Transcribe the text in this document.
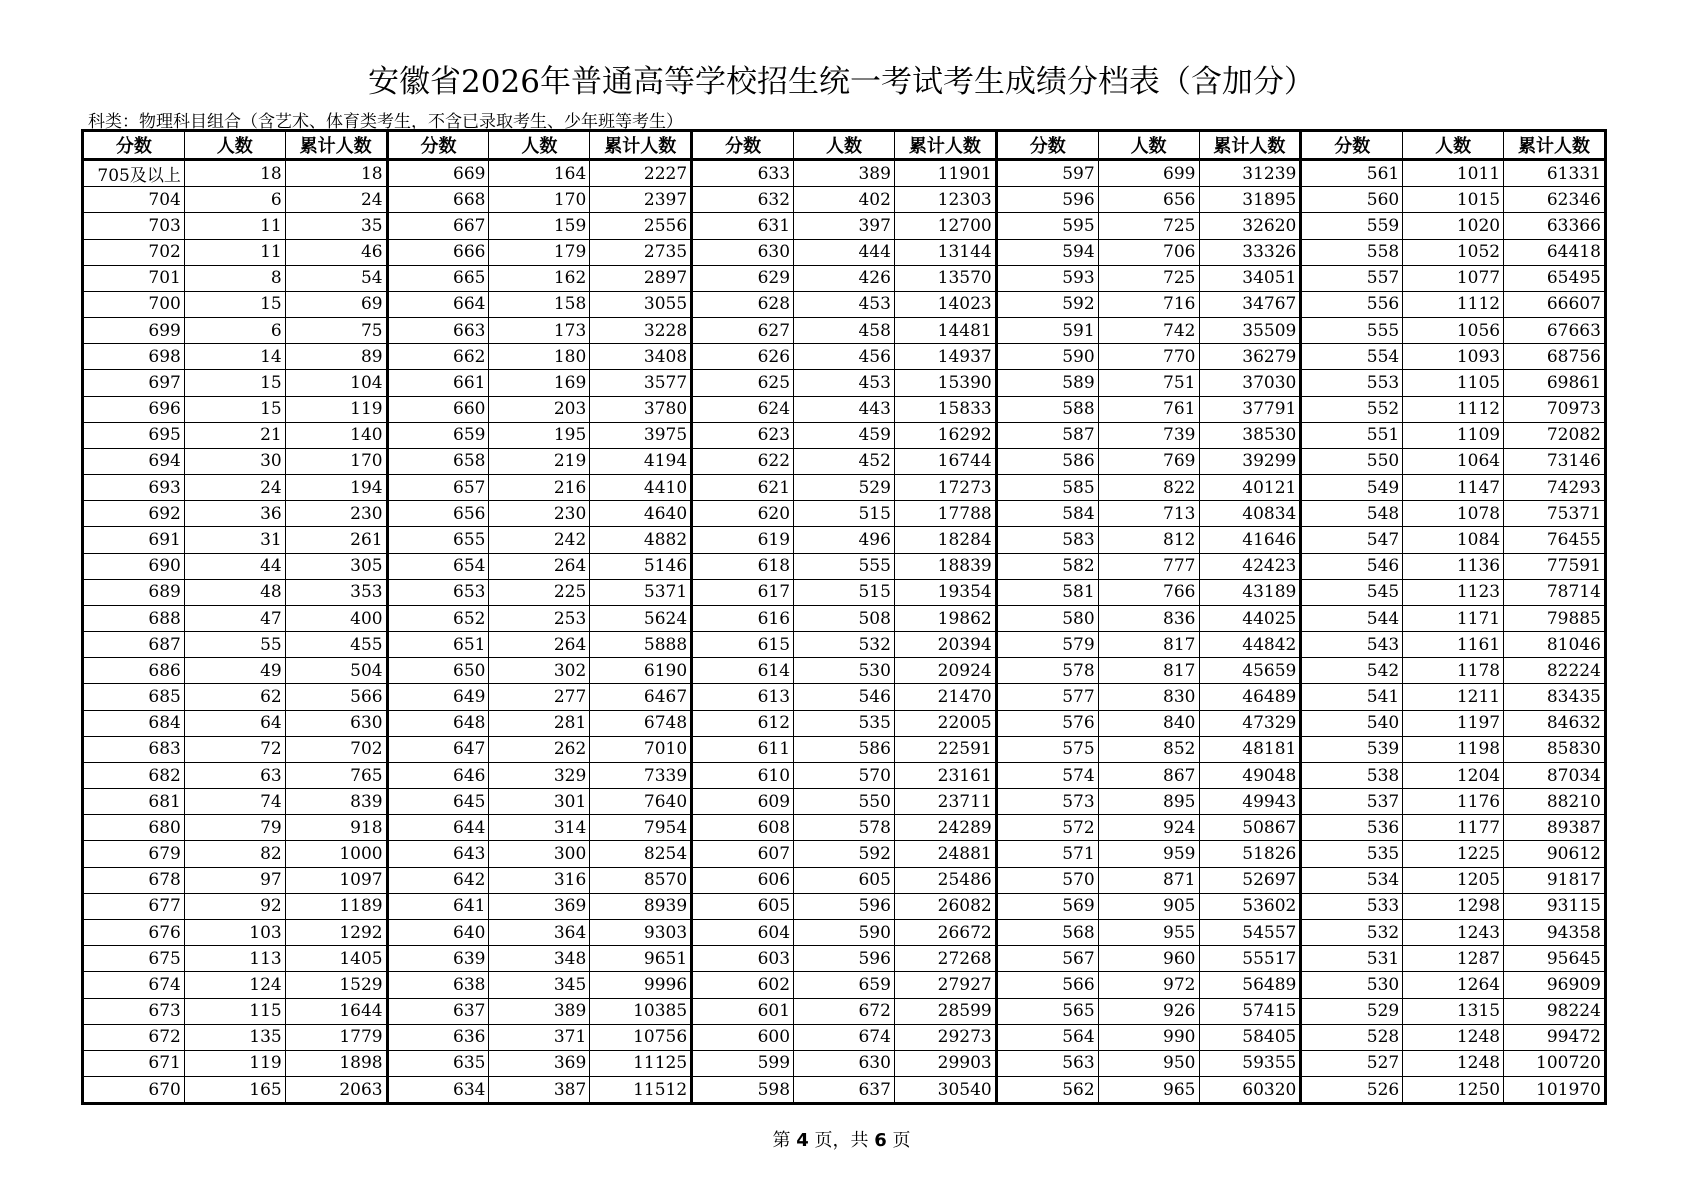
安徽省2026年普通高等学校招生统一考试考生成绩分档表（含加分）
科类：物理科目组合（含艺术、体育类考生，不含已录取考生、少年班等考生）
分数	人数	累计人数
705及以上	18	18
704	6	24
703	11	35
702	11	46
701	8	54
700	15	69
699	6	75
698	14	89
697	15	104
696	15	119
695	21	140
694	30	170
693	24	194
692	36	230
691	31	261
690	44	305
689	48	353
688	47	400
687	55	455
686	49	504
685	62	566
684	64	630
683	72	702
682	63	765
681	74	839
680	79	918
679	82	1000
678	97	1097
677	92	1189
676	103	1292
675	113	1405
674	124	1529
673	115	1644
672	135	1779
671	119	1898
670	165	2063
分数	人数	累计人数
669	164	2227
668	170	2397
667	159	2556
666	179	2735
665	162	2897
664	158	3055
663	173	3228
662	180	3408
661	169	3577
660	203	3780
659	195	3975
658	219	4194
657	216	4410
656	230	4640
655	242	4882
654	264	5146
653	225	5371
652	253	5624
651	264	5888
650	302	6190
649	277	6467
648	281	6748
647	262	7010
646	329	7339
645	301	7640
644	314	7954
643	300	8254
642	316	8570
641	369	8939
640	364	9303
639	348	9651
638	345	9996
637	389	10385
636	371	10756
635	369	11125
634	387	11512
分数	人数	累计人数
633	389	11901
632	402	12303
631	397	12700
630	444	13144
629	426	13570
628	453	14023
627	458	14481
626	456	14937
625	453	15390
624	443	15833
623	459	16292
622	452	16744
621	529	17273
620	515	17788
619	496	18284
618	555	18839
617	515	19354
616	508	19862
615	532	20394
614	530	20924
613	546	21470
612	535	22005
611	586	22591
610	570	23161
609	550	23711
608	578	24289
607	592	24881
606	605	25486
605	596	26082
604	590	26672
603	596	27268
602	659	27927
601	672	28599
600	674	29273
599	630	29903
598	637	30540
分数	人数	累计人数
597	699	31239
596	656	31895
595	725	32620
594	706	33326
593	725	34051
592	716	34767
591	742	35509
590	770	36279
589	751	37030
588	761	37791
587	739	38530
586	769	39299
585	822	40121
584	713	40834
583	812	41646
582	777	42423
581	766	43189
580	836	44025
579	817	44842
578	817	45659
577	830	46489
576	840	47329
575	852	48181
574	867	49048
573	895	49943
572	924	50867
571	959	51826
570	871	52697
569	905	53602
568	955	54557
567	960	55517
566	972	56489
565	926	57415
564	990	58405
563	950	59355
562	965	60320
分数	人数	累计人数
561	1011	61331
560	1015	62346
559	1020	63366
558	1052	64418
557	1077	65495
556	1112	66607
555	1056	67663
554	1093	68756
553	1105	69861
552	1112	70973
551	1109	72082
550	1064	73146
549	1147	74293
548	1078	75371
547	1084	76455
546	1136	77591
545	1123	78714
544	1171	79885
543	1161	81046
542	1178	82224
541	1211	83435
540	1197	84632
539	1198	85830
538	1204	87034
537	1176	88210
536	1177	89387
535	1225	90612
534	1205	91817
533	1298	93115
532	1243	94358
531	1287	95645
530	1264	96909
529	1315	98224
528	1248	99472
527	1248	100720
526	1250	101970
第 4 页，共 6 页
